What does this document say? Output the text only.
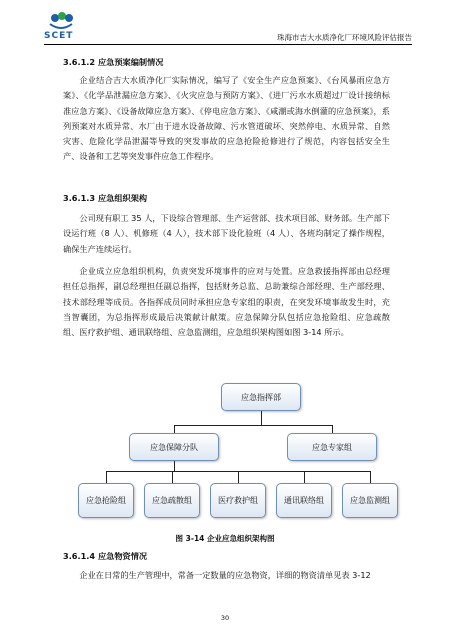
SCET	珠海市吉大水质净化厂环境风险评估报告
3.6.1.2 应急预案编制情况

企业结合吉大水质净化厂实际情况，编写了《安全生产应急预案》、《台风暴雨应急方案》、《化学品泄漏应急方案》、《火灾应急与预防方案》、《进厂污水水质超过厂设计接纳标准应急方案》、《设备故障应急方案》、《停电应急方案》、《咸潮或海水倒灌的应急预案》，系列预案对水质异常、水厂由于进水设备故障、污水管道破坏、突然停电、水质异常、自然灾害、危险化学品泄漏等导致的突发事故的应急抢险抢修进行了规范，内容包括安全生产、设备和工艺等突发事件应急工作程序。

3.6.1.3 应急组织架构

公司现有职工 35 人，下设综合管理部、生产运营部、技术项目部、财务部。生产部下设运行班（8 人）、机修班（4 人），技术部下设化验班（4 人）、各班均制定了操作规程，确保生产连续运行。

企业成立应急组织机构，负责突发环境事件的应对与处置。应急救援指挥部由总经理担任总指挥，副总经理担任副总指挥，包括财务总监、总助兼综合部经理、生产部经理、技术部经理等成员。各指挥成员同时承担应急专家组的职责，在突发环境事故发生时，充当智囊团，为总指挥形成最后决策献计献策。应急保障分队包括应急抢险组、应急疏散组、医疗救护组、通讯联络组、应急监测组，应急组织架构图如图 3-14 所示。

应急指挥部
应急保障分队	应急专家组
应急抢险组	应急疏散组	医疗救护组	通讯联络组	应急监测组
图 3-14 企业应急组织架构图
3.6.1.4 应急物资情况

企业在日常的生产管理中，常备一定数量的应急物资，详细的物资清单见表 3-12

30
